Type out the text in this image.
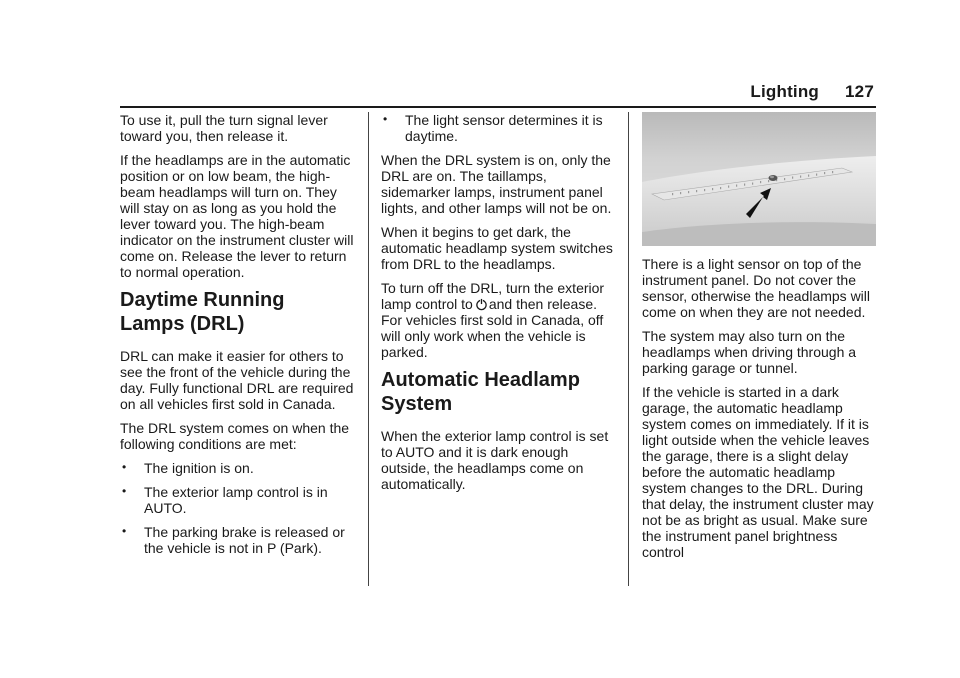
Lighting 127

To use it, pull the turn signal lever toward you, then release it.

If the headlamps are in the automatic position or on low beam, the high-beam headlamps will turn on. They will stay on as long as you hold the lever toward you. The high-beam indicator on the instrument cluster will come on. Release the lever to return to normal operation.

Daytime Running
Lamps (DRL)

DRL can make it easier for others to see the front of the vehicle during the day. Fully functional DRL are required on all vehicles first sold in Canada.

The DRL system comes on when the following conditions are met:

• The ignition is on.
• The exterior lamp control is in AUTO.
• The parking brake is released or the vehicle is not in P (Park).
• The light sensor determines it is daytime.

When the DRL system is on, only the DRL are on. The taillamps, sidemarker lamps, instrument panel lights, and other lamps will not be on.

When it begins to get dark, the automatic headlamp system switches from DRL to the headlamps.

To turn off the DRL, turn the exterior lamp control to and then release. For vehicles first sold in Canada, off will only work when the vehicle is parked.

Automatic Headlamp
System

When the exterior lamp control is set to AUTO and it is dark enough outside, the headlamps come on automatically.

There is a light sensor on top of the instrument panel. Do not cover the sensor, otherwise the headlamps will come on when they are not needed.

The system may also turn on the headlamps when driving through a parking garage or tunnel.

If the vehicle is started in a dark garage, the automatic headlamp system comes on immediately. If it is light outside when the vehicle leaves the garage, there is a slight delay before the automatic headlamp system changes to the DRL. During that delay, the instrument cluster may not be as bright as usual. Make sure the instrument panel brightness control
